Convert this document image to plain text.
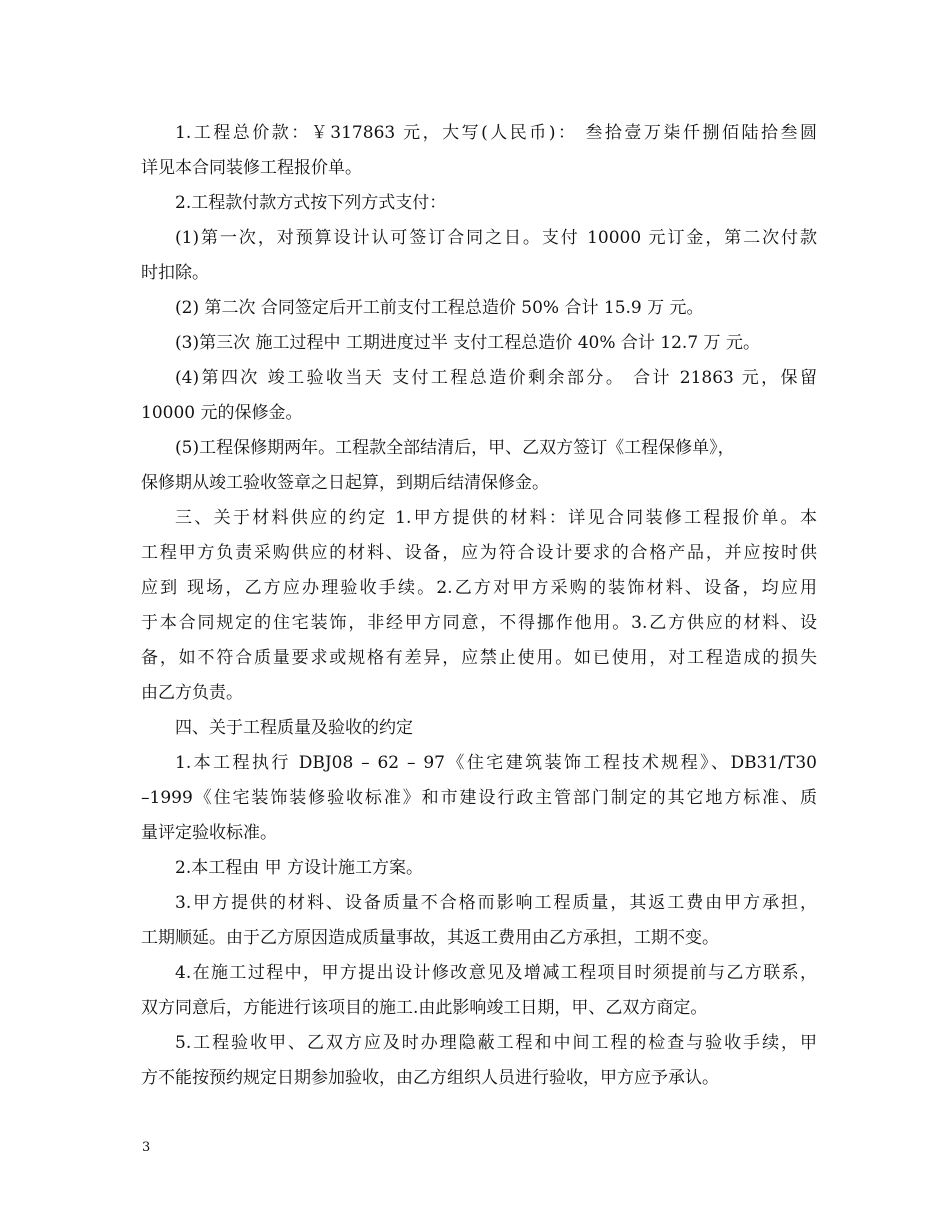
1.工程总价款：￥317863 元，大写(人民币)： 叁拾壹万柒仟捌佰陆拾叁圆
详见本合同装修工程报价单。
2.工程款付款方式按下列方式支付：
(1)第一次，对预算设计认可签订合同之日。支付 10000 元订金，第二次付款
时扣除。
(2) 第二次 合同签定后开工前支付工程总造价 50% 合计 15.9 万 元。
(3)第三次 施工过程中 工期进度过半 支付工程总造价 40% 合计 12.7 万 元。
(4)第四次 竣工验收当天 支付工程总造价剩余部分。 合计 21863 元，保留
10000 元的保修金。
(5)工程保修期两年。工程款全部结清后，甲、乙双方签订《工程保修单》，
保修期从竣工验收签章之日起算，到期后结清保修金。
三、关于材料供应的约定 1.甲方提供的材料：详见合同装修工程报价单。本
工程甲方负责采购供应的材料、设备，应为符合设计要求的合格产品，并应按时供
应到 现场，乙方应办理验收手续。2.乙方对甲方采购的装饰材料、设备，均应用
于本合同规定的住宅装饰，非经甲方同意，不得挪作他用。3.乙方供应的材料、设
备，如不符合质量要求或规格有差异，应禁止使用。如已使用，对工程造成的损失
由乙方负责。
四、关于工程质量及验收的约定
1.本工程执行 DBJ08 – 62 – 97《住宅建筑装饰工程技术规程》、DB31/T30
–1999《住宅装饰装修验收标准》和市建设行政主管部门制定的其它地方标准、质
量评定验收标准。
2.本工程由 甲 方设计施工方案。
3.甲方提供的材料、设备质量不合格而影响工程质量，其返工费由甲方承担，
工期顺延。由于乙方原因造成质量事故，其返工费用由乙方承担，工期不变。
4.在施工过程中，甲方提出设计修改意见及增减工程项目时须提前与乙方联系，
双方同意后，方能进行该项目的施工.由此影响竣工日期，甲、乙双方商定。
5.工程验收甲、乙双方应及时办理隐蔽工程和中间工程的检查与验收手续，甲
方不能按预约规定日期参加验收，由乙方组织人员进行验收，甲方应予承认。
3
